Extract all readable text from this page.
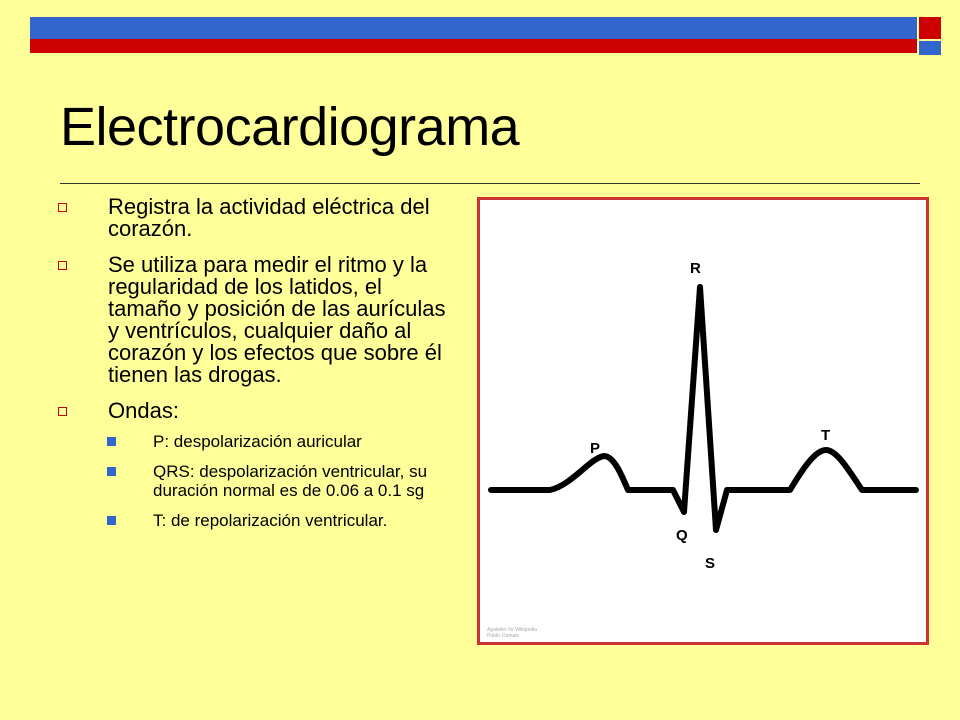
Electrocardiograma
Registra la actividad eléctrica del corazón.
Se utiliza para medir el ritmo y la regularidad de los latidos, el tamaño y posición de las aurículas y ventrículos, cualquier daño al corazón y los efectos que sobre él tienen las drogas.
Ondas:
P: despolarización auricular
QRS: despolarización ventricular, su duración normal es de 0.06 a 0.1 sg
T: de repolarización ventricular.
R
P
T
Q
S
Agateller for Wikipedia
Public Domain
